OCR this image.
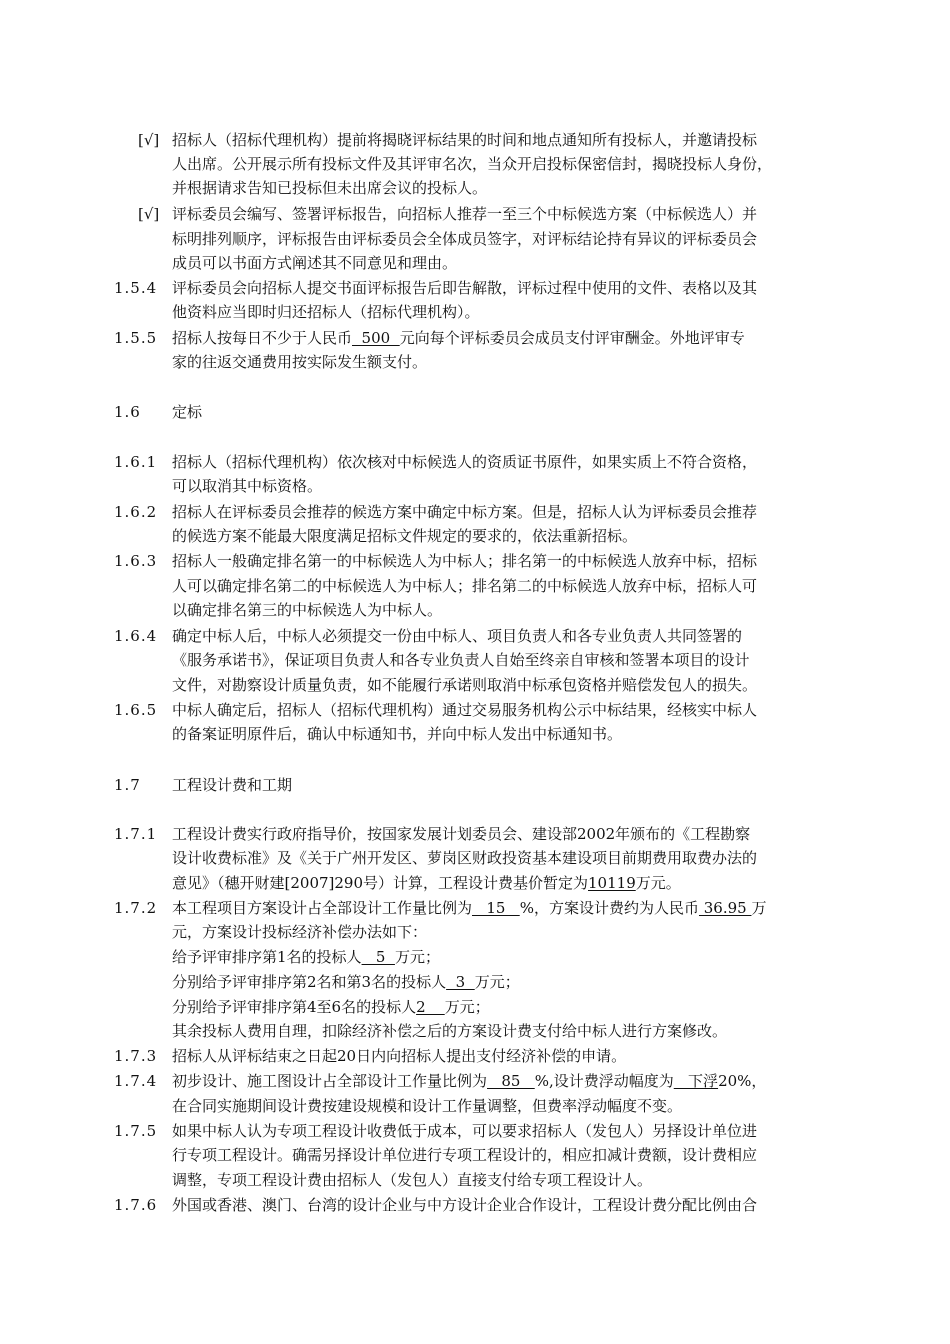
[√] 招标人（招标代理机构）提前将揭晓评标结果的时间和地点通知所有投标人，并邀请投标
人出席。公开展示所有投标文件及其评审名次，当众开启投标保密信封，揭晓投标人身份，
并根据请求告知已投标但未出席会议的投标人。
[√] 评标委员会编写、签署评标报告，向招标人推荐一至三个中标候选方案（中标候选人）并
标明排列顺序，评标报告由评标委员会全体成员签字，对评标结论持有异议的评标委员会
成员可以书面方式阐述其不同意见和理由。
1.5.4 评标委员会向招标人提交书面评标报告后即告解散，评标过程中使用的文件、表格以及其
他资料应当即时归还招标人（招标代理机构）。
1.5.5 招标人按每日不少于人民币  500  元向每个评标委员会成员支付评审酬金。外地评审专
家的往返交通费用按实际发生额支付。
1.6 定标
1.6.1 招标人（招标代理机构）依次核对中标候选人的资质证书原件，如果实质上不符合资格，
可以取消其中标资格。
1.6.2 招标人在评标委员会推荐的候选方案中确定中标方案。但是，招标人认为评标委员会推荐
的候选方案不能最大限度满足招标文件规定的要求的，依法重新招标。
1.6.3 招标人一般确定排名第一的中标候选人为中标人；排名第一的中标候选人放弃中标，招标
人可以确定排名第二的中标候选人为中标人；排名第二的中标候选人放弃中标，招标人可
以确定排名第三的中标候选人为中标人。
1.6.4 确定中标人后，中标人必须提交一份由中标人、项目负责人和各专业负责人共同签署的
《服务承诺书》，保证项目负责人和各专业负责人自始至终亲自审核和签署本项目的设计
文件，对勘察设计质量负责，如不能履行承诺则取消中标承包资格并赔偿发包人的损失。
1.6.5 中标人确定后，招标人（招标代理机构）通过交易服务机构公示中标结果，经核实中标人
的备案证明原件后，确认中标通知书，并向中标人发出中标通知书。
1.7 工程设计费和工期
1.7.1 工程设计费实行政府指导价，按国家发展计划委员会、建设部2002年颁布的《工程勘察
设计收费标准》及《关于广州开发区、萝岗区财政投资基本建设项目前期费用取费办法的
意见》（穗开财建[2007]290号）计算，工程设计费基价暂定为10119万元。
1.7.2 本工程项目方案设计占全部设计工作量比例为   15   %，方案设计费约为人民币 36.95 万
元，方案设计投标经济补偿办法如下：
给予评审排序第1名的投标人   5  万元；
分别给予评审排序第2名和第3名的投标人  3  万元；
分别给予评审排序第4至6名的投标人2    万元；
其余投标人费用自理，扣除经济补偿之后的方案设计费支付给中标人进行方案修改。
1.7.3 招标人从评标结束之日起20日内向招标人提出支付经济补偿的申请。
1.7.4 初步设计、施工图设计占全部设计工作量比例为   85   %,设计费浮动幅度为   下浮20%，
在合同实施期间设计费按建设规模和设计工作量调整，但费率浮动幅度不变。
1.7.5 如果中标人认为专项工程设计收费低于成本，可以要求招标人（发包人）另择设计单位进
行专项工程设计。确需另择设计单位进行专项工程设计的，相应扣减计费额，设计费相应
调整，专项工程设计费由招标人（发包人）直接支付给专项工程设计人。
1.7.6 外国或香港、澳门、台湾的设计企业与中方设计企业合作设计，工程设计费分配比例由合
